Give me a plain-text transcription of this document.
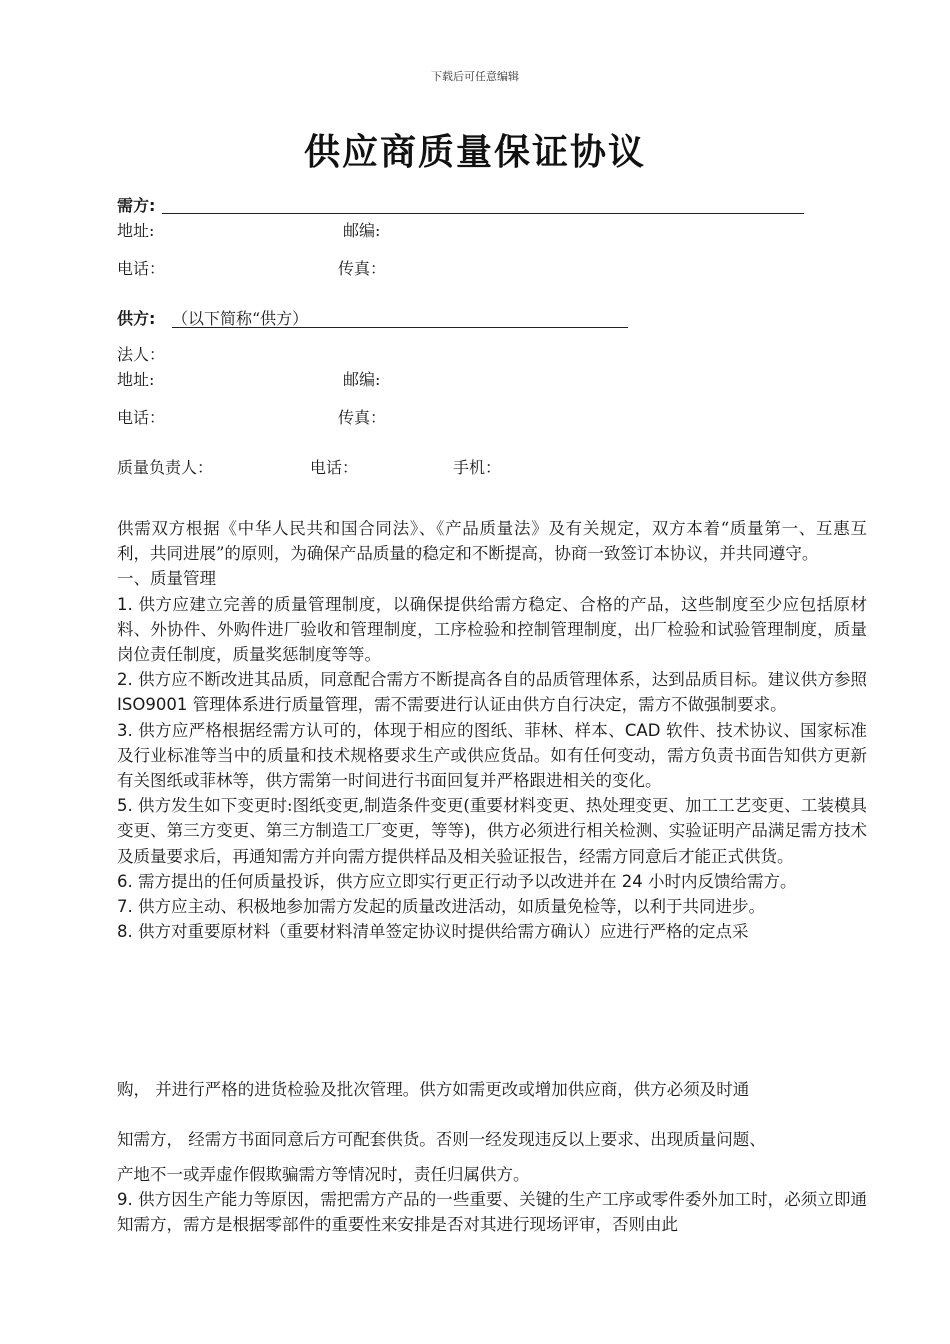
下载后可任意编辑
供应商质量保证协议
需方:
地址:	邮编:
电话：	传真：
供方: （以下简称“供方）
法人：
地址:	邮编:
电话：	传真：
质量负责人：	电话：	手机：

供需双方根据《中华人民共和国合同法》、《产品质量法》及有关规定，双方本着“质量第一、互惠互利，共同进展”的原则，为确保产品质量的稳定和不断提高，协商一致签订本协议，并共同遵守。

一、质量管理

1. 供方应建立完善的质量管理制度，以确保提供给需方稳定、合格的产品，这些制度至少应包括原材料、外协件、外购件进厂验收和管理制度，工序检验和控制管理制度，出厂检验和试验管理制度，质量岗位责任制度，质量奖惩制度等等。

2. 供方应不断改进其品质，同意配合需方不断提高各自的品质管理体系，达到品质目标。建议供方参照ISO9001 管理体系进行质量管理，需不需要进行认证由供方自行决定，需方不做强制要求。

3. 供方应严格根据经需方认可的，体现于相应的图纸、菲林、样本、CAD 软件、技术协议、国家标准及行业标准等当中的质量和技术规格要求生产或供应货品。如有任何变动，需方负责书面告知供方更新有关图纸或菲林等，供方需第一时间进行书面回复并严格跟进相关的变化。

5. 供方发生如下变更时:图纸变更,制造条件变更(重要材料变更、热处理变更、加工工艺变更、工装模具变更、第三方变更、第三方制造工厂变更，等等)，供方必须进行相关检测、实验证明产品满足需方技术及质量要求后，再通知需方并向需方提供样品及相关验证报告，经需方同意后才能正式供货。

6. 需方提出的任何质量投诉，供方应立即实行更正行动予以改进并在 24 小时内反馈给需方。

7. 供方应主动、积极地参加需方发起的质量改进活动，如质量免检等，以利于共同进步。

8. 供方对重要原材料（重要材料清单签定协议时提供给需方确认）应进行严格的定点采

购， 并进行严格的进货检验及批次管理。供方如需更改或增加供应商，供方必须及时通
知需方， 经需方书面同意后方可配套供货。否则一经发现违反以上要求、出现质量问题、
产地不一或弄虚作假欺骗需方等情况时，责任归属供方。

9. 供方因生产能力等原因，需把需方产品的一些重要、关键的生产工序或零件委外加工时，必须立即通知需方，需方是根据零部件的重要性来安排是否对其进行现场评审，否则由此
